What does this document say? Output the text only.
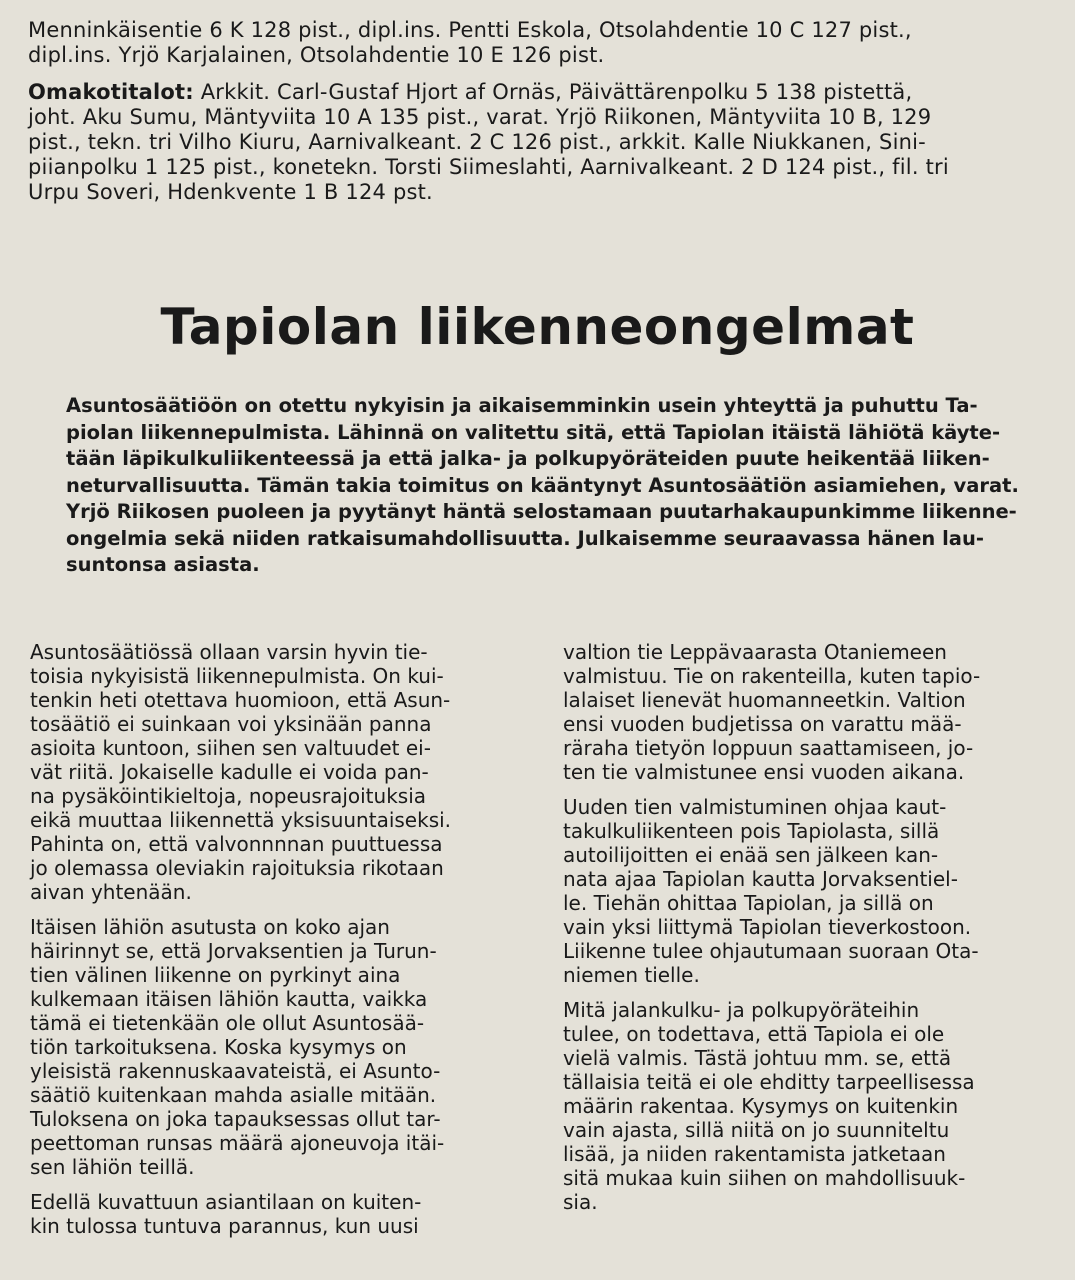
Menninkäisentie 6 K 128 pist., dipl.ins. Pentti Eskola, Otsolahdentie 10 C 127 pist.,

dipl.ins. Yrjö Karjalainen, Otsolahdentie 10 E 126 pist.

Omakotitalot: Arkkit. Carl-Gustaf Hjort af Ornäs, Päivättärenpolku 5 138 pistettä,

joht. Aku Sumu, Mäntyviita 10 A 135 pist., varat. Yrjö Riikonen, Mäntyviita 10 B, 129

pist., tekn. tri Vilho Kiuru, Aarnivalkeant. 2 C 126 pist., arkkit. Kalle Niukkanen, Sini-

piianpolku 1 125 pist., konetekn. Torsti Siimeslahti, Aarnivalkeant. 2 D 124 pist., fil. tri

Urpu Soveri, Hdenkvente 1 B 124 pst.

Tapiolan liikenneongelmat

Asuntosäätiöön on otettu nykyisin ja aikaisemminkin usein yhteyttä ja puhuttu Ta-

piolan liikennepulmista. Lähinnä on valitettu sitä, että Tapiolan itäistä lähiötä käyte-

tään läpikulkuliikenteessä ja että jalka- ja polkupyöräteiden puute heikentää liiken-

neturvallisuutta. Tämän takia toimitus on kääntynyt Asuntosäätiön asiamiehen, varat.

Yrjö Riikosen puoleen ja pyytänyt häntä selostamaan puutarhakaupunkimme liikenne-

ongelmia sekä niiden ratkaisumahdollisuutta. Julkaisemme seuraavassa hänen lau-

suntonsa asiasta.

Asuntosäätiössä ollaan varsin hyvin tie-

toisia nykyisistä liikennepulmista. On kui-

tenkin heti otettava huomioon, että Asun-

tosäätiö ei suinkaan voi yksinään panna

asioita kuntoon, siihen sen valtuudet ei-

vät riitä. Jokaiselle kadulle ei voida pan-

na pysäköintikieltoja, nopeusrajoituksia

eikä muuttaa liikennettä yksisuuntaiseksi.

Pahinta on, että valvonnnnan puuttuessa

jo olemassa oleviakin rajoituksia rikotaan

aivan yhtenään.

Itäisen lähiön asutusta on koko ajan

häirinnyt se, että Jorvaksentien ja Turun-

tien välinen liikenne on pyrkinyt aina

kulkemaan itäisen lähiön kautta, vaikka

tämä ei tietenkään ole ollut Asuntosää-

tiön tarkoituksena. Koska kysymys on

yleisistä rakennuskaavateistä, ei Asunto-

säätiö kuitenkaan mahda asialle mitään.

Tuloksena on joka tapauksessas ollut tar-

peettoman runsas määrä ajoneuvoja itäi-

sen lähiön teillä.

Edellä kuvattuun asiantilaan on kuiten-

kin tulossa tuntuva parannus, kun uusi

valtion tie Leppävaarasta Otaniemeen

valmistuu. Tie on rakenteilla, kuten tapio-

lalaiset lienevät huomanneetkin. Valtion

ensi vuoden budjetissa on varattu mää-

räraha tietyön loppuun saattamiseen, jo-

ten tie valmistunee ensi vuoden aikana.

Uuden tien valmistuminen ohjaa kaut-

takulkuliikenteen pois Tapiolasta, sillä

autoilijoitten ei enää sen jälkeen kan-

nata ajaa Tapiolan kautta Jorvaksentiel-

le. Tiehän ohittaa Tapiolan, ja sillä on

vain yksi liittymä Tapiolan tieverkostoon.

Liikenne tulee ohjautumaan suoraan Ota-

niemen tielle.

Mitä jalankulku- ja polkupyöräteihin

tulee, on todettava, että Tapiola ei ole

vielä valmis. Tästä johtuu mm. se, että

tällaisia teitä ei ole ehditty tarpeellisessa

määrin rakentaa. Kysymys on kuitenkin

vain ajasta, sillä niitä on jo suunniteltu

lisää, ja niiden rakentamista jatketaan

sitä mukaa kuin siihen on mahdollisuuk-

sia.
